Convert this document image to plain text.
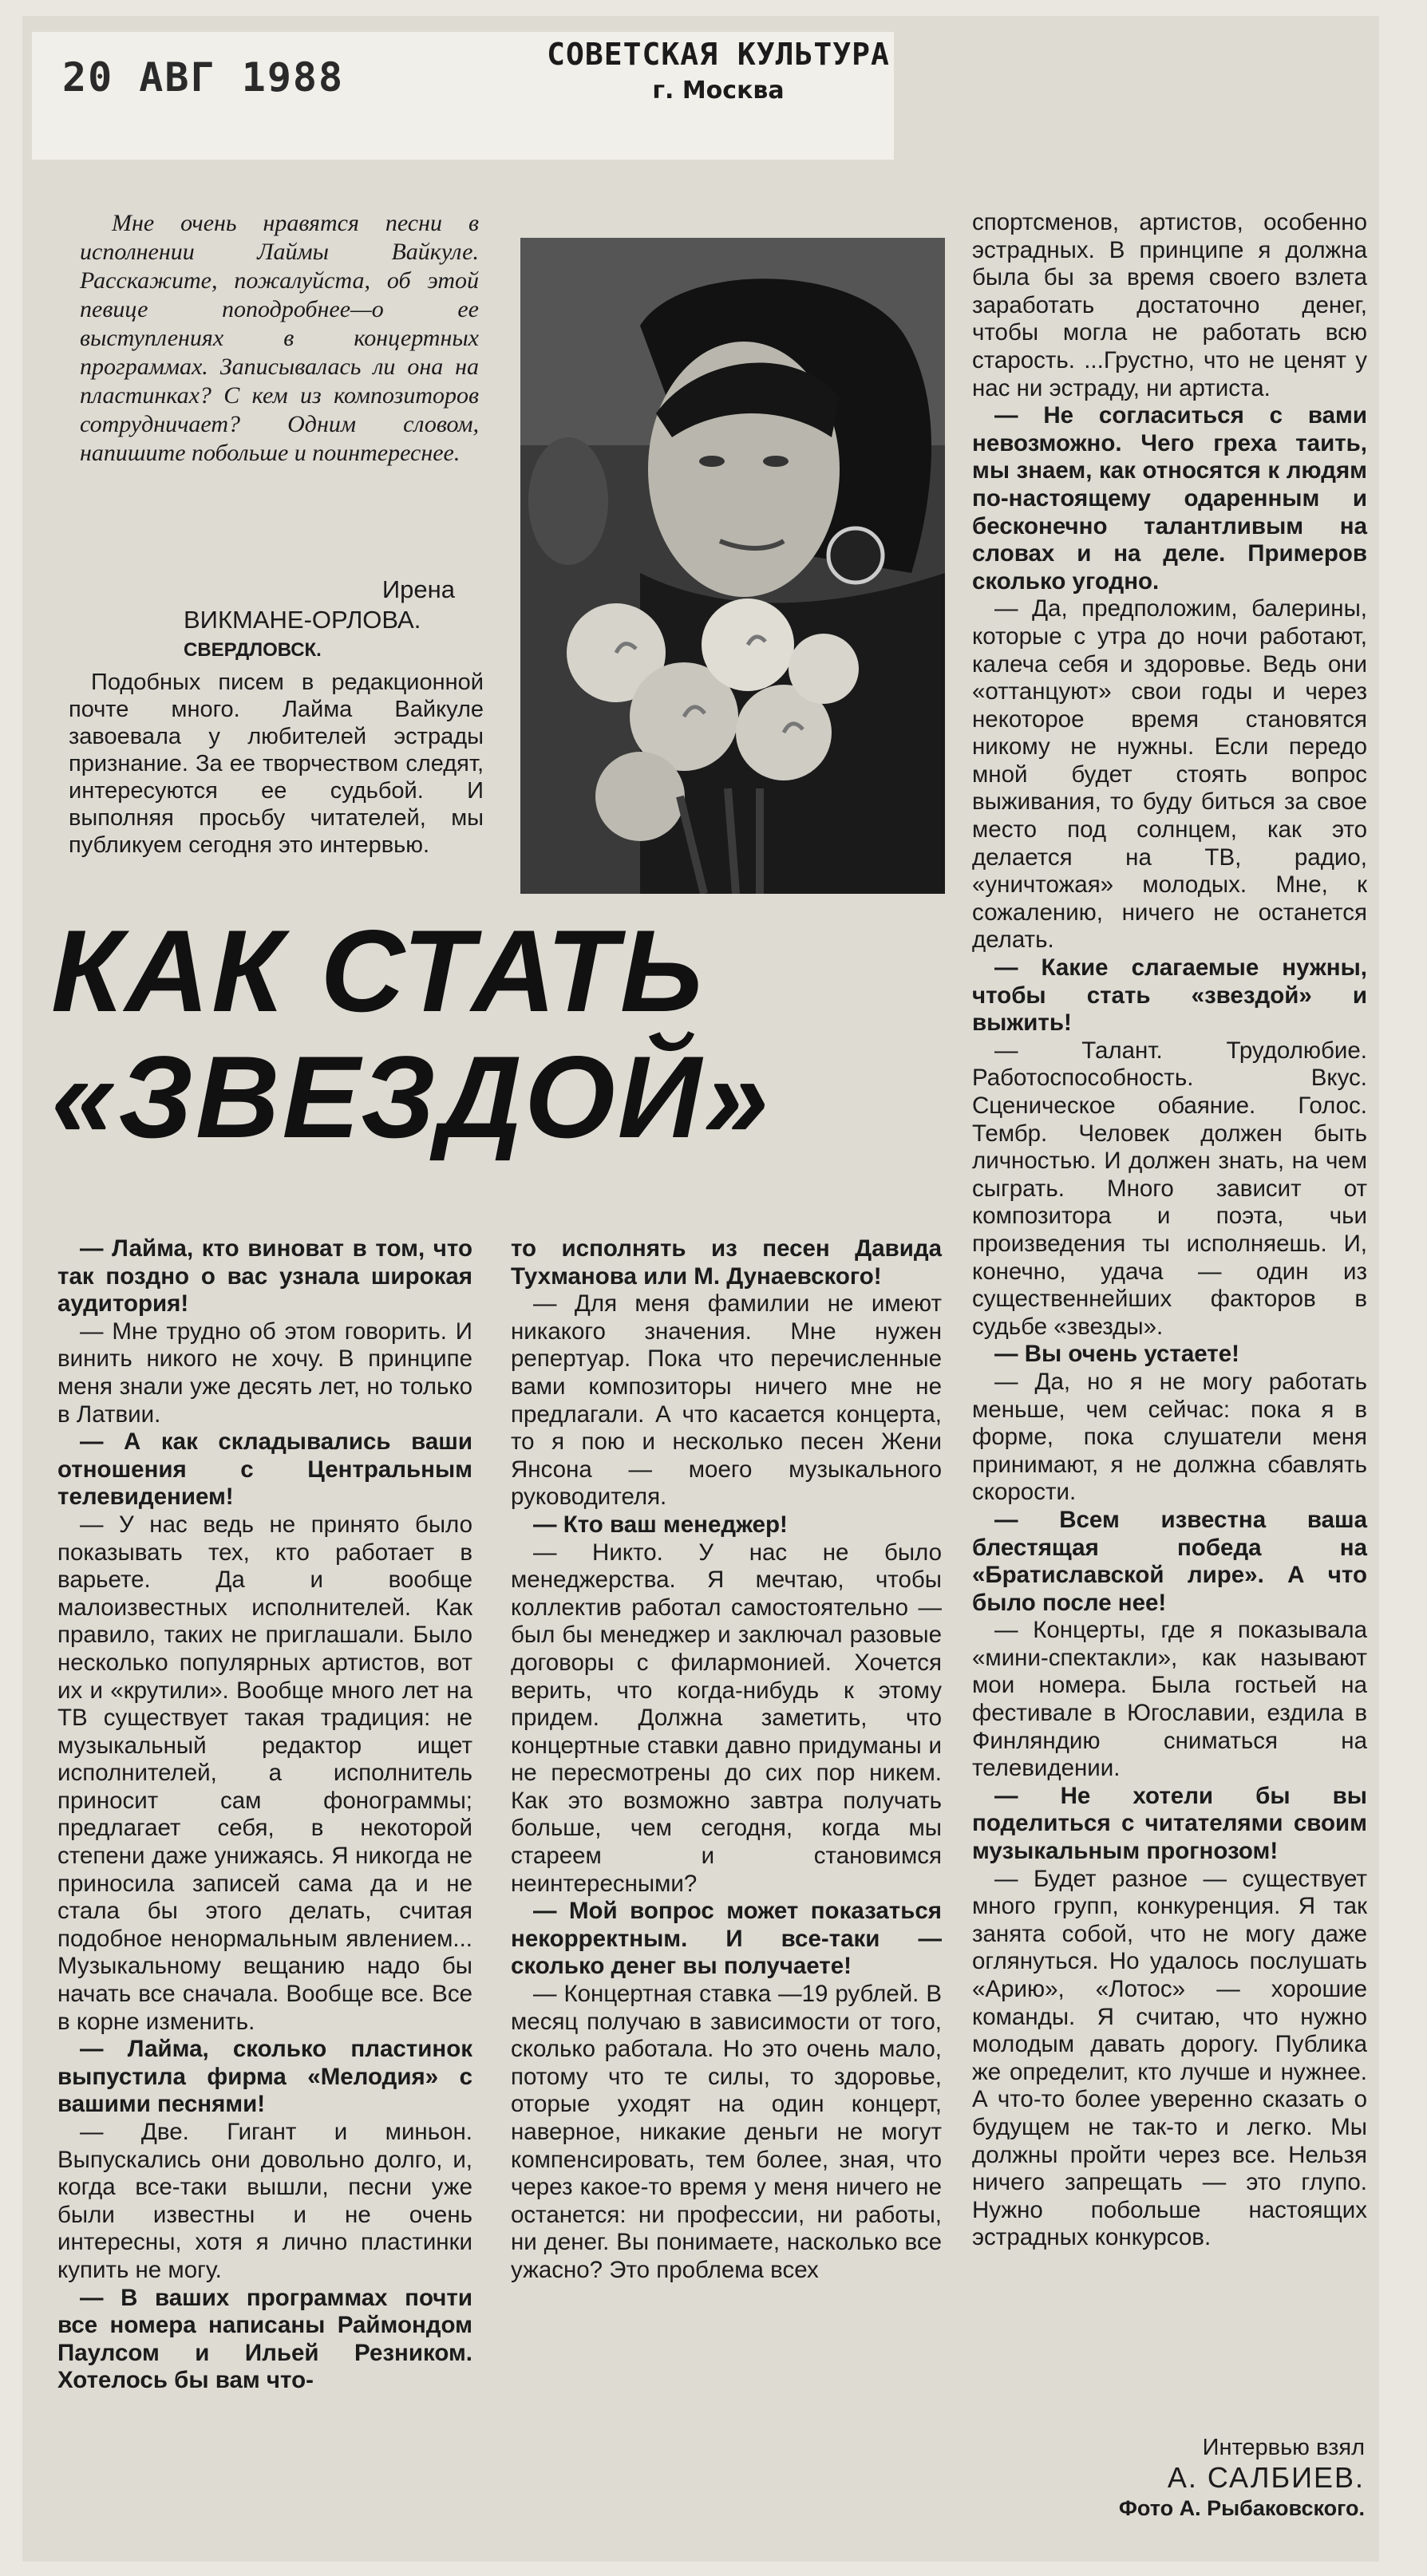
20 АВГ 1988	СОВЕТСКАЯ КУЛЬТУРА
г. Москва

Мне очень нравятся песни в исполнении Лаймы Вайкуле. Расскажите, пожалуйста, об этой певице поподробнее—о ее выступлениях в концертных программах. Записывалась ли она на пластинках? С кем из композиторов сотрудничает? Одним словом, напишите побольше и поинтереснее.

Ирена
ВИКМАНЕ-ОРЛОВА.
СВЕРДЛОВСК.

Подобных писем в редакционной почте много. Лайма Вайкуле завоевала у любителей эстрады признание. За ее творчеством следят, интересуются ее судьбой. И выполняя просьбу читателей, мы публикуем сегодня это интервью.

КАК СТАТЬ
«ЗВЕЗДОЙ»

— Лайма, кто виноват в том, что так поздно о вас узнала широкая аудитория!

— Мне трудно об этом говорить. И винить никого не хочу. В принципе меня знали уже десять лет, но только в Латвии.

— А как складывались ваши отношения с Центральным телевидением!

— У нас ведь не принято было показывать тех, кто работает в варьете. Да и вообще малоизвестных исполнителей. Как правило, таких не приглашали. Было несколько популярных артистов, вот их и «крутили». Вообще много лет на ТВ существует такая традиция: не музыкальный редактор ищет исполнителей, а исполнитель приносит сам фонограммы; предлагает себя, в некоторой степени даже унижаясь. Я никогда не приносила записей сама да и не стала бы этого делать, считая подобное ненормальным явлением... Музыкальному вещанию надо бы начать все сначала. Вообще все. Все в корне изменить.

— Лайма, сколько пластинок выпустила фирма «Мелодия» с вашими песнями!

— Две. Гигант и миньон. Выпускались они довольно долго, и, когда все-таки вышли, песни уже были известны и не очень интересны, хотя я лично пластинки купить не могу.

— В ваших программах почти все номера написаны Раймондом Паулсом и Ильей Резником. Хотелось бы вам что-

то исполнять из песен Давида Тухманова или М. Дунаевского!

— Для меня фамилии не имеют никакого значения. Мне нужен репертуар. Пока что перечисленные вами композиторы ничего мне не предлагали. А что касается концерта, то я пою и несколько песен Жени Янсона — моего музыкального руководителя.

— Кто ваш менеджер!

— Никто. У нас не было менеджерства. Я мечтаю, чтобы коллектив работал самостоятельно — был бы менеджер и заключал разовые договоры с филармонией. Хочется верить, что когда-нибудь к этому придем. Должна заметить, что концертные ставки давно придуманы и не пересмотрены до сих пор никем. Как это возможно завтра получать больше, чем сегодня, когда мы стареем и становимся неинтересными?

— Мой вопрос может показаться некорректным. И все-таки — сколько денег вы получаете!

— Концертная ставка —19 рублей. В месяц получаю в зависимости от того, сколько работала. Но это очень мало, потому что те силы, то здоровье, оторые уходят на один концерт, наверное, никакие деньги не могут компенсировать, тем более, зная, что через какое-то время у меня ничего не останется: ни профессии, ни работы, ни денег. Вы понимаете, насколько все ужасно? Это проблема всех

спортсменов, артистов, особенно эстрадных. В принципе я должна была бы за время своего взлета заработать достаточно денег, чтобы могла не работать всю старость. ...Грустно, что не ценят у нас ни эстраду, ни артиста.

— Не согласиться с вами невозможно. Чего греха таить, мы знаем, как относятся к людям по-настоящему одаренным и бесконечно талантливым на словах и на деле. Примеров сколько угодно.

— Да, предположим, балерины, которые с утра до ночи работают, калеча себя и здоровье. Ведь они «оттанцуют» свои годы и через некоторое время становятся никому не нужны. Если передо мной будет стоять вопрос выживания, то буду биться за свое место под солнцем, как это делается на ТВ, радио, «уничтожая» молодых. Мне, к сожалению, ничего не останется делать.

— Какие слагаемые нужны, чтобы стать «звездой» и выжить!

— Талант. Трудолюбие. Работоспособность. Вкус. Сценическое обаяние. Голос. Тембр. Человек должен быть личностью. И должен знать, на чем сыграть. Много зависит от композитора и поэта, чьи произведения ты исполняешь. И, конечно, удача — один из существеннейших факторов в судьбе «звезды».

— Вы очень устаете!

— Да, но я не могу работать меньше, чем сейчас: пока я в форме, пока слушатели меня принимают, я не должна сбавлять скорости.

— Всем известна ваша блестящая победа на «Братиславской лире». А что было после нее!

— Концерты, где я показывала «мини-спектакли», как называют мои номера. Была гостьей на фестивале в Югославии, ездила в Финляндию сниматься на телевидении.

— Не хотели бы вы поделиться с читателями своим музыкальным прогнозом!

— Будет разное — существует много групп, конкуренция. Я так занята собой, что не могу даже оглянуться. Но удалось послушать «Арию», «Лотос» — хорошие команды. Я считаю, что нужно молодым давать дорогу. Публика же определит, кто лучше и нужнее. А что-то более уверенно сказать о будущем не так-то и легко. Мы должны пройти через все. Нельзя ничего запрещать — это глупо. Нужно побольше настоящих эстрадных конкурсов.

Интервью взял
А. САЛБИЕВ.
Фото А. Рыбаковского.
